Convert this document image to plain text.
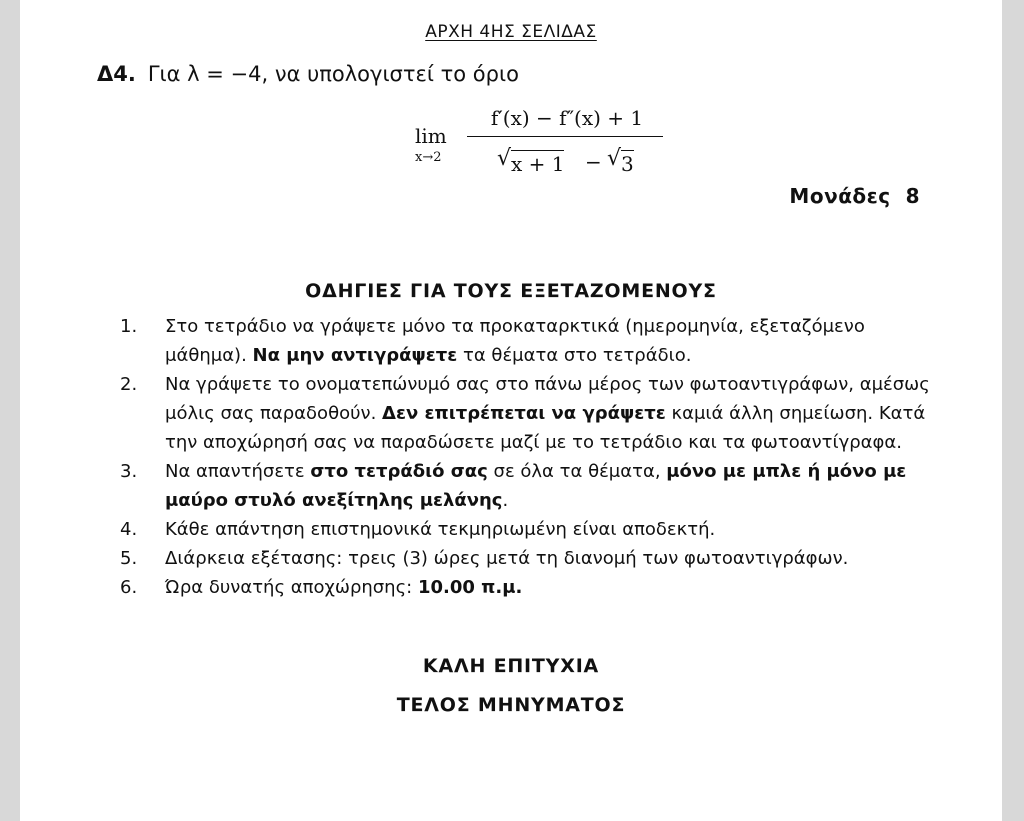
ΑΡΧΗ 4ΗΣ ΣΕΛΙΔΑΣ
Δ4. Για λ = −4, να υπολογιστεί το όριο
lim
x→2
f′(x) − f″(x) + 1
√ x + 1 − √ 3
Μονάδες  8
ΟΔΗΓΙΕΣ ΓΙΑ ΤΟΥΣ ΕΞΕΤΑΖΟΜΕΝΟΥΣ
1. Στο τετράδιο να γράψετε μόνο τα προκαταρκτικά (ημερομηνία, εξεταζόμενο μάθημα). Να μην αντιγράψετε τα θέματα στο τετράδιο.
2. Να γράψετε το ονοματεπώνυμό σας στο πάνω μέρος των φωτοαντιγράφων, αμέσως μόλις σας παραδοθούν. Δεν επιτρέπεται να γράψετε καμιά άλλη σημείωση. Κατά την αποχώρησή σας να παραδώσετε μαζί με το τετράδιο και τα φωτοαντίγραφα.
3. Να απαντήσετε στο τετράδιό σας σε όλα τα θέματα, μόνο με μπλε ή μόνο με μαύρο στυλό ανεξίτηλης μελάνης.
4. Κάθε απάντηση επιστημονικά τεκμηριωμένη είναι αποδεκτή.
5. Διάρκεια εξέτασης: τρεις (3) ώρες μετά τη διανομή των φωτοαντιγράφων.
6. Ώρα δυνατής αποχώρησης: 10.00 π.μ.
ΚΑΛΗ ΕΠΙΤΥΧΙΑ
ΤΕΛΟΣ ΜΗΝΥΜΑΤΟΣ
